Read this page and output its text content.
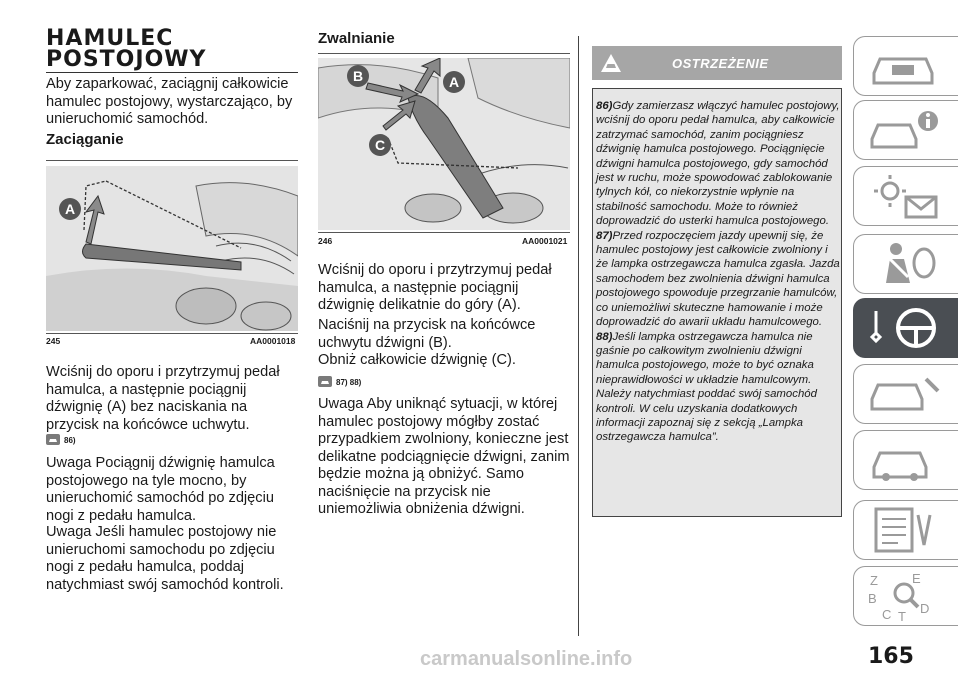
HAMULEC
POSTOJOWY

Aby zaparkować, zaciągnij całkowicie hamulec postojowy, wystarczająco, by unieruchomić samochód.

Zaciąganie
A
245	AA0001018

Wciśnij do oporu i przytrzymuj pedał hamulca, a następnie pociągnij dźwignię (A) bez naciskania na przycisk na końcówce uchwytu.

86)

Uwaga Pociągnij dźwignię hamulca postojowego na tyle mocno, by unieruchomić samochód po zdjęciu nogi z pedału hamulca.

Uwaga Jeśli hamulec postojowy nie unieruchomi samochodu po zdjęciu nogi z pedału hamulca, poddaj natychmiast swój samochód kontroli.

Zwalnianie
B	A
C
246	AA0001021

Wciśnij do oporu i przytrzymuj pedał hamulca, a następnie pociągnij dźwignię delikatnie do góry (A).

Naciśnij na przycisk na końcówce uchwytu dźwigni (B).

Obniż całkowicie dźwignię (C).

87) 88)

Uwaga Aby uniknąć sytuacji, w której hamulec postojowy mógłby zostać przypadkiem zwolniony, konieczne jest delikatne podciągnięcie dźwigni, zanim będzie można ją obniżyć. Samo naciśnięcie na przycisk nie uniemożliwia obniżenia dźwigni.

OSTRZEŻENIE
86)Gdy zamierzasz włączyć hamulec postojowy, wciśnij do oporu pedał hamulca, aby całkowicie zatrzymać samochód, zanim pociągniesz dźwignię hamulca postojowego. Pociągnięcie dźwigni hamulca postojowego, gdy samochód jest w ruchu, może spowodować zablokowanie tylnych kół, co niekorzystnie wpłynie na stabilność samochodu. Może to również doprowadzić do usterki hamulca postojowego.
87)Przed rozpoczęciem jazdy upewnij się, że hamulec postojowy jest całkowicie zwolniony i że lampka ostrzegawcza hamulca zgasła. Jazda samochodem bez zwolnienia dźwigni hamulca postojowego spowoduje przegrzanie hamulców, co uniemożliwi skuteczne hamowanie i może doprowadzić do awarii układu hamulcowego.
88)Jeśli lampka ostrzegawcza hamulca nie gaśnie po całkowitym zwolnieniu dźwigni hamulca postojowego, może to być oznaka nieprawidłowości w układzie hamulcowym. Należy natychmiast poddać swój samochód kontroli. W celu uzyskania dodatkowych informacji zapoznaj się z sekcją „Lampka ostrzegawcza hamulca”.
Z	E
B
C T
D
165
carmanualsonline.info
